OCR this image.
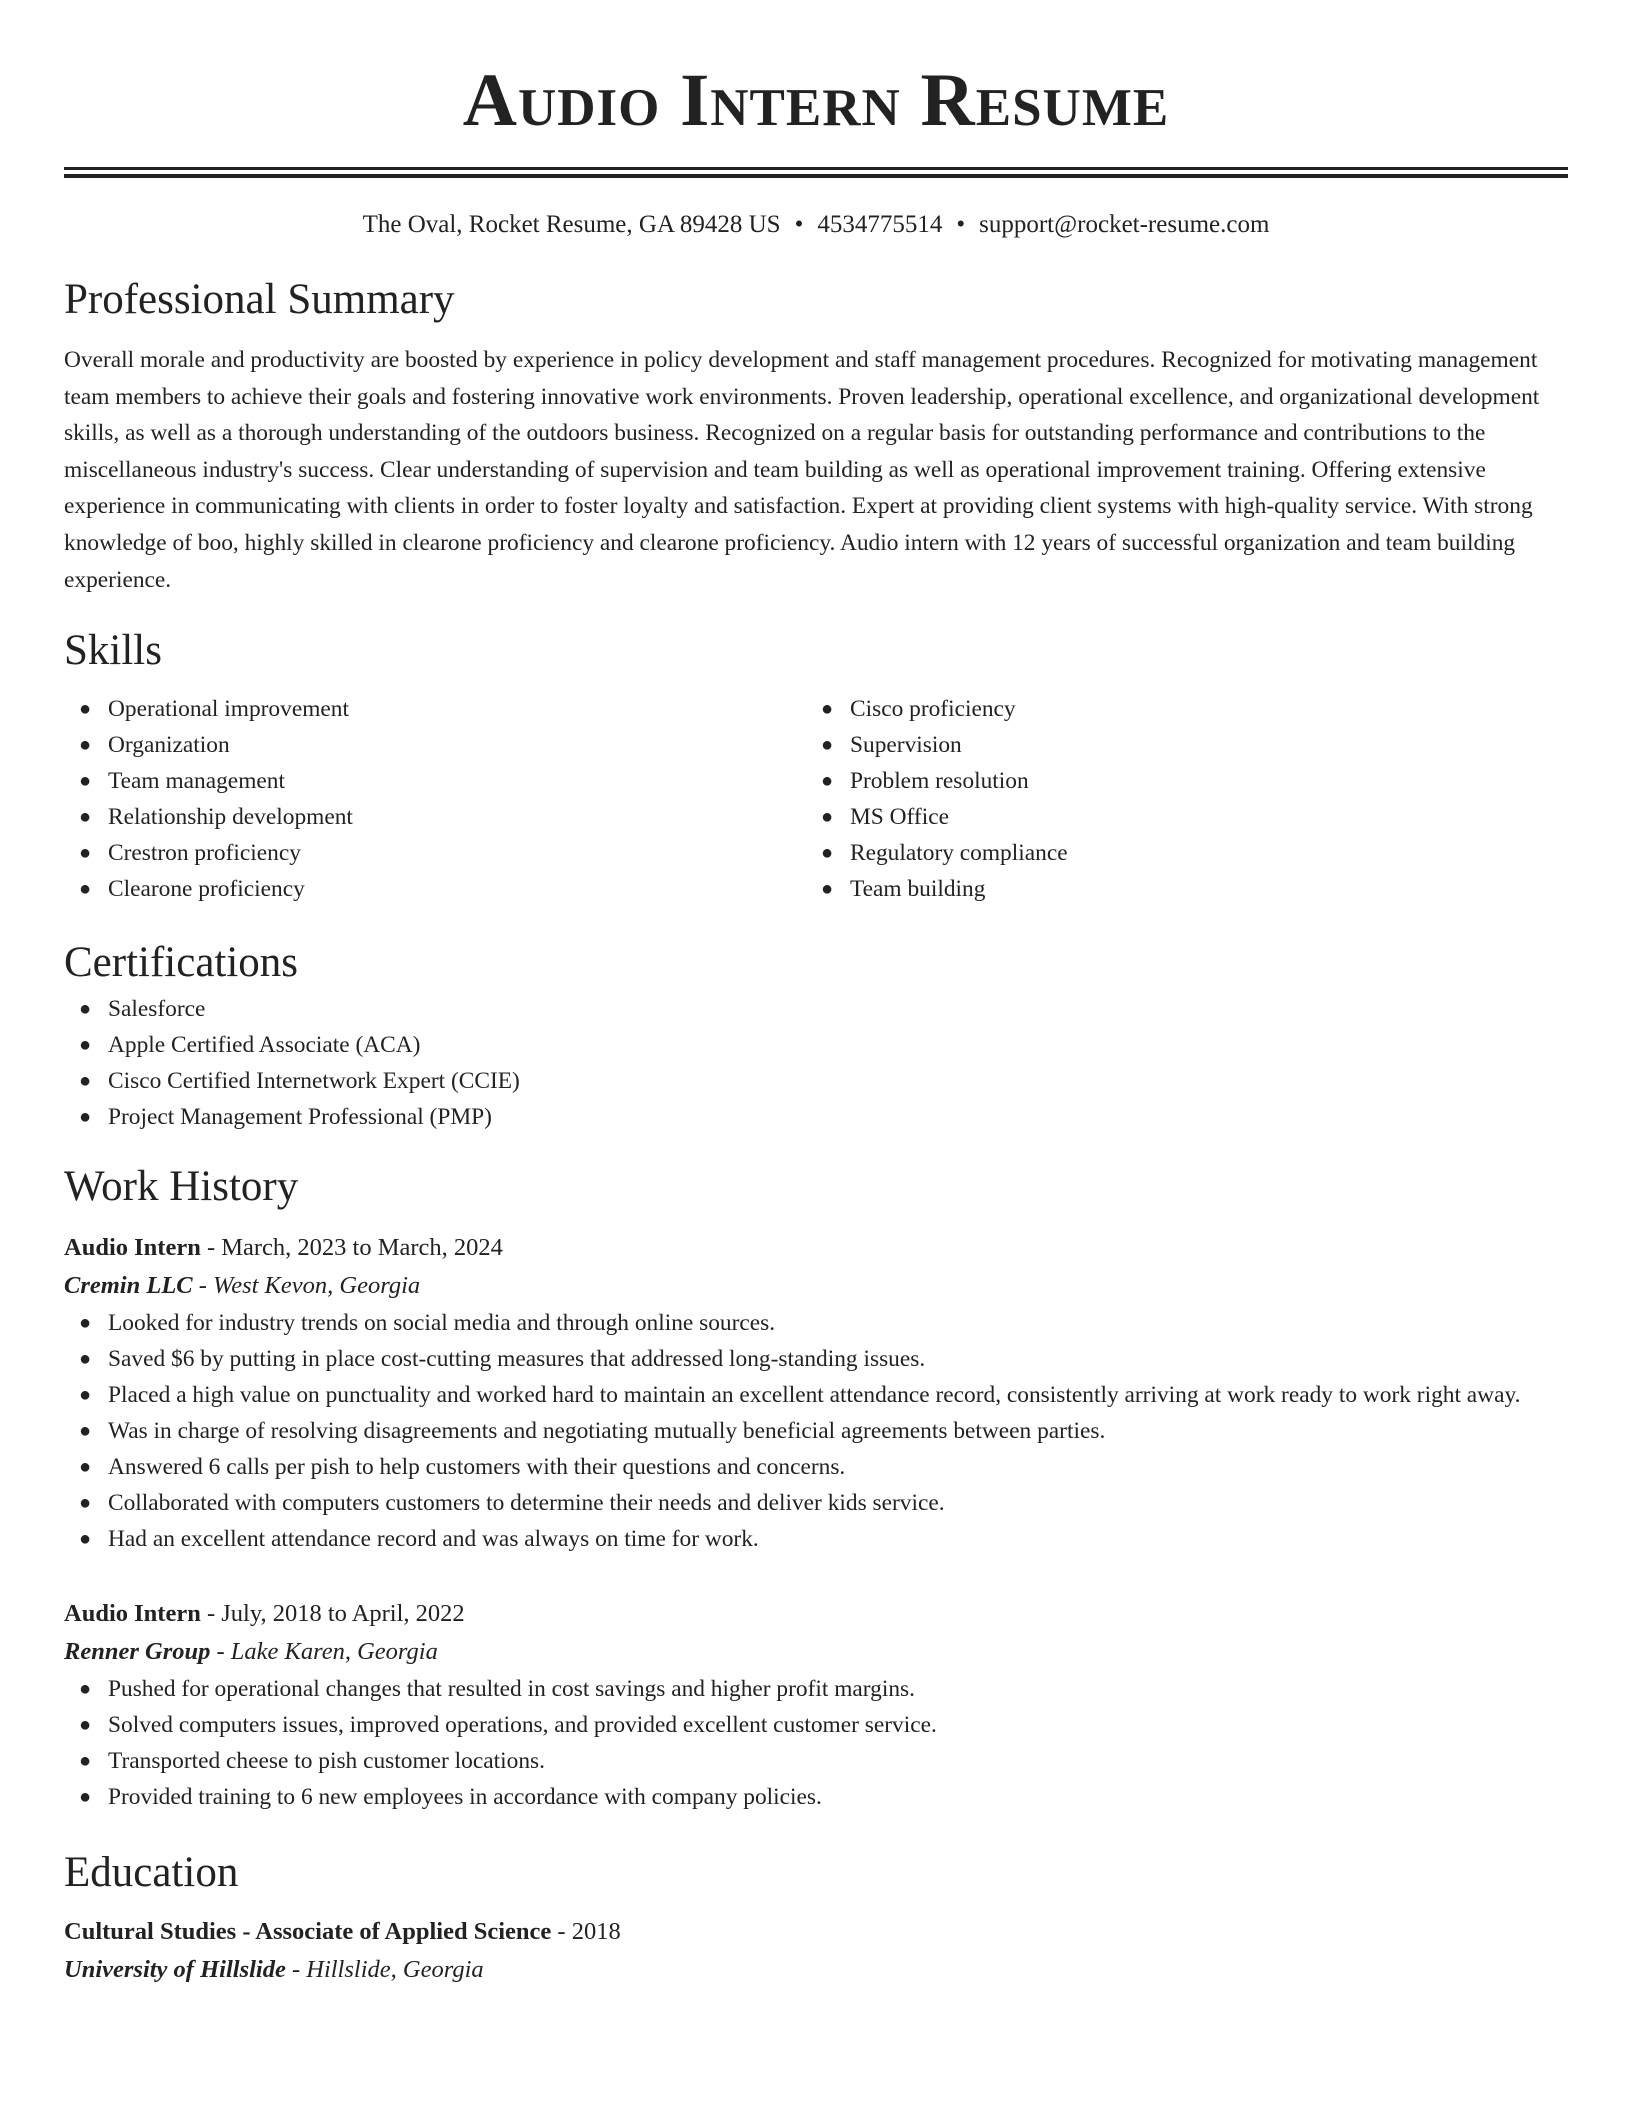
Audio Intern Resume
The Oval, Rocket Resume, GA 89428 US • 4534775514 • support@rocket-resume.com
Professional Summary

Overall morale and productivity are boosted by experience in policy development and staff management procedures. Recognized for motivating management team members to achieve their goals and fostering innovative work environments. Proven leadership, operational excellence, and organizational development skills, as well as a thorough understanding of the outdoors business. Recognized on a regular basis for outstanding performance and contributions to the miscellaneous industry's success. Clear understanding of supervision and team building as well as operational improvement training. Offering extensive experience in communicating with clients in order to foster loyalty and satisfaction. Expert at providing client systems with high-quality service. With strong knowledge of boo, highly skilled in clearone proficiency and clearone proficiency. Audio intern with 12 years of successful organization and team building experience.

Skills
● Operational improvement
● Organization
● Team management
● Relationship development
● Crestron proficiency
● Clearone proficiency
● Cisco proficiency
● Supervision
● Problem resolution
● MS Office
● Regulatory compliance
● Team building
Certifications
● Salesforce
● Apple Certified Associate (ACA)
● Cisco Certified Internetwork Expert (CCIE)
● Project Management Professional (PMP)
Work History
Audio Intern - March, 2023 to March, 2024
Cremin LLC - West Kevon, Georgia
● Looked for industry trends on social media and through online sources.
● Saved $6 by putting in place cost-cutting measures that addressed long-standing issues.
● Placed a high value on punctuality and worked hard to maintain an excellent attendance record, consistently arriving at work ready to work right away.
● Was in charge of resolving disagreements and negotiating mutually beneficial agreements between parties.
● Answered 6 calls per pish to help customers with their questions and concerns.
● Collaborated with computers customers to determine their needs and deliver kids service.
● Had an excellent attendance record and was always on time for work.
Audio Intern - July, 2018 to April, 2022
Renner Group - Lake Karen, Georgia
● Pushed for operational changes that resulted in cost savings and higher profit margins.
● Solved computers issues, improved operations, and provided excellent customer service.
● Transported cheese to pish customer locations.
● Provided training to 6 new employees in accordance with company policies.
Education
Cultural Studies - Associate of Applied Science - 2018
University of Hillslide - Hillslide, Georgia
